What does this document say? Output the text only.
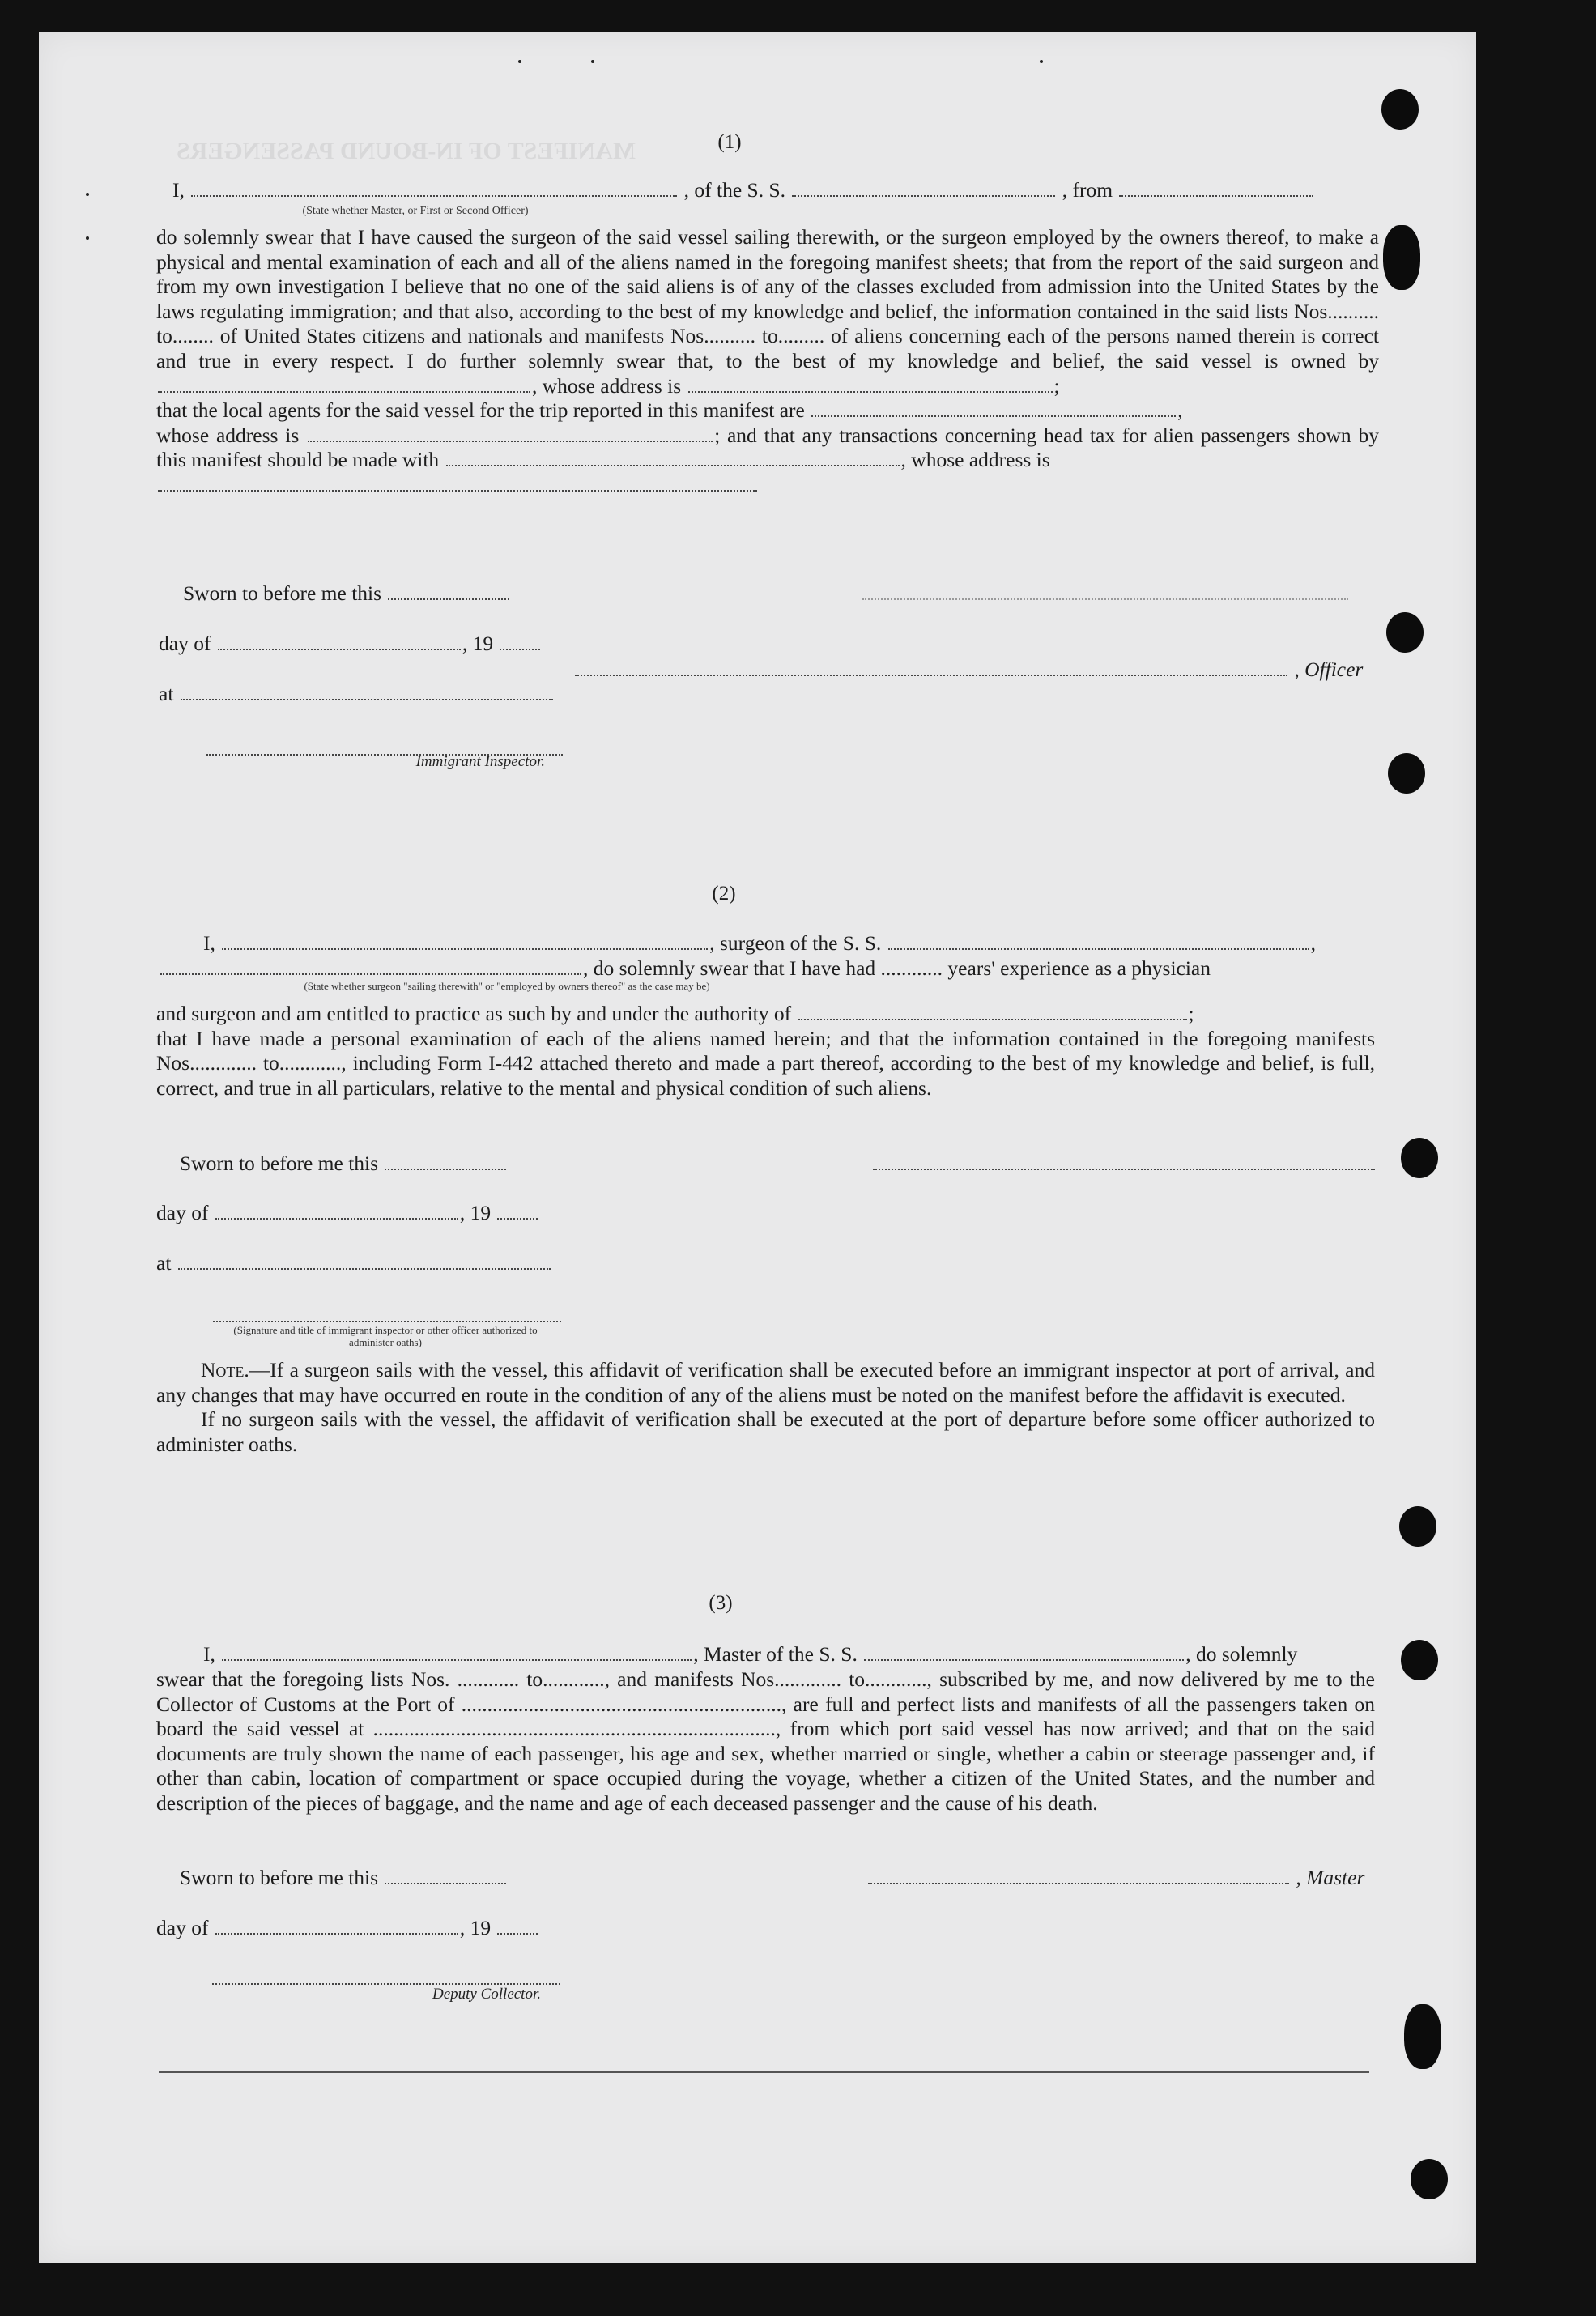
MANIFEST OF IN-BOUND PASSENGERS	(1)
I,	, of the S. S.	, from
(State whether Master, or First or Second Officer)

do solemnly swear that I have caused the surgeon of the said vessel sailing therewith, or the surgeon employed by the owners thereof, to make a physical and mental examination of each and all of the aliens named in the foregoing manifest sheets; that from the report of the said surgeon and from my own investigation I believe that no one of the said aliens is of any of the classes excluded from admission into the United States by the laws regulating immigration; and that also, according to the best of my knowledge and belief, the information contained in the said lists Nos.......... to........ of United States citizens and nationals and manifests Nos.......... to......... of aliens concerning each of the persons named therein is correct and true in every respect. I do further solemnly swear that, to the best of my knowledge and belief, the said vessel is owned by , whose address is	;

that the local agents for the said vessel for the trip reported in this manifest are	,

whose address is	; and that any transactions concerning head tax for alien passengers shown by this manifest should be made with	, whose address is

Sworn to before me this
day of	, 19
at
, Officer
Immigrant Inspector.
(2)
I,	, surgeon of the S. S.	,
, do solemnly swear that I have had ............ years' experience as a physician
(State whether surgeon "sailing therewith" or "employed by owners thereof" as the case may be)

and surgeon and am entitled to practice as such by and under the authority of	;

that I have made a personal examination of each of the aliens named herein; and that the information contained in the foregoing manifests Nos............. to............, including Form I-442 attached thereto and made a part thereof, according to the best of my knowledge and belief, is full, correct, and true in all particulars, relative to the mental and physical condition of such aliens.

Sworn to before me this
day of	, 19
at
(Signature and title of immigrant inspector or other officer authorized to administer oaths)

Note.—If a surgeon sails with the vessel, this affidavit of verification shall be executed before an immigrant inspector at port of arrival, and any changes that may have occurred en route in the condition of any of the aliens must be noted on the manifest before the affidavit is executed.

If no surgeon sails with the vessel, the affidavit of verification shall be executed at the port of departure before some officer authorized to administer oaths.

(3)
I,	, Master of the S. S.	, do solemnly

swear that the foregoing lists Nos. ............ to............, and manifests Nos............. to............, subscribed by me, and now delivered by me to the Collector of Customs at the Port of .............................................................., are full and perfect lists and manifests of all the passengers taken on board the said vessel at .............................................................................., from which port said vessel has now arrived; and that on the said documents are truly shown the name of each passenger, his age and sex, whether married or single, whether a cabin or steerage passenger and, if other than cabin, location of compartment or space occupied during the voyage, whether a citizen of the United States, and the number and description of the pieces of baggage, and the name and age of each deceased passenger and the cause of his death.

Sworn to before me this	, Master
day of	, 19
Deputy Collector.
